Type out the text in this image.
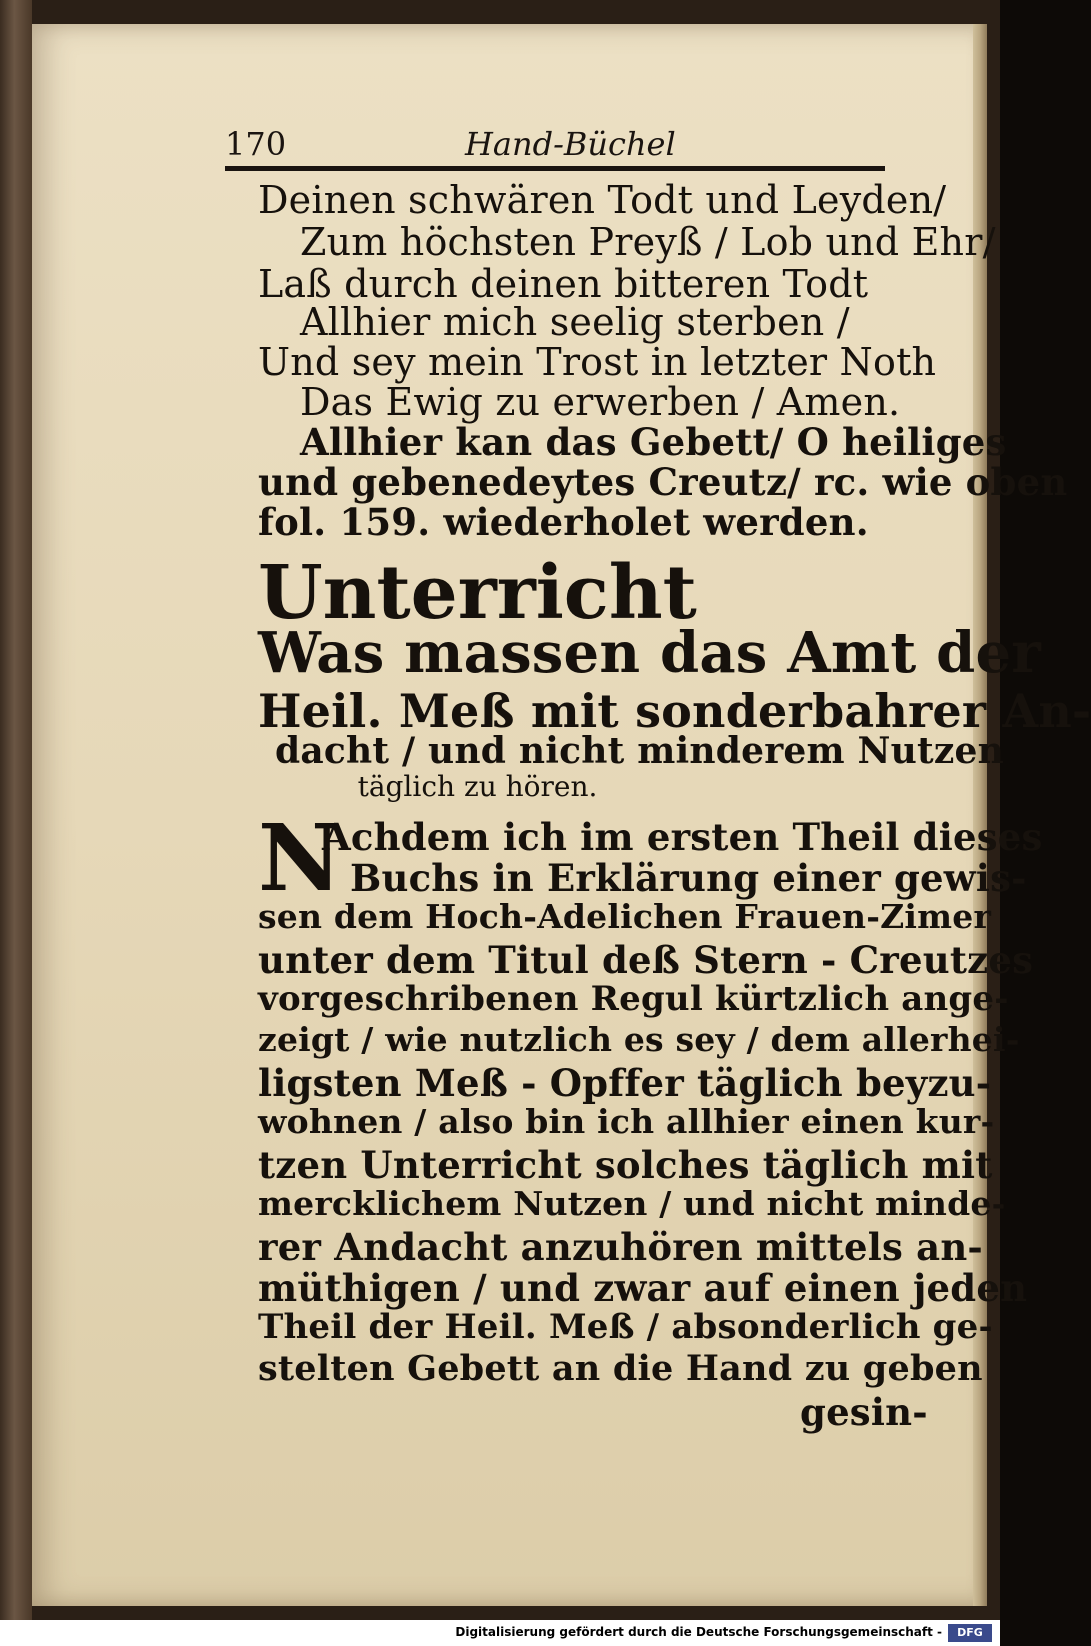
170	Hand-Büchel
Deinen schwären Todt und Leyden/
Zum höchsten Preyß / Lob und Ehr/
Laß durch deinen bitteren Todt
Allhier mich seelig sterben /
Und sey mein Trost in letzter Noth
Das Ewig zu erwerben / Amen.
Allhier kan das Gebett/ O heiliges
und gebenedeytes Creutz/ rc. wie oben
fol. 159. wiederholet werden.
Unterricht
Was massen das Amt der
Heil. Meß mit sonderbahrer An-
dacht / und nicht minderem Nutzen
täglich zu hören.
N
Achdem ich im ersten Theil dieses
Buchs in Erklärung einer gewis-
sen dem Hoch-Adelichen Frauen-Zimer
unter dem Titul deß Stern - Creutzes
vorgeschribenen Regul kürtzlich ange-
zeigt / wie nutzlich es sey / dem allerhei-
ligsten Meß - Opffer täglich beyzu-
wohnen / also bin ich allhier einen kur-
tzen Unterricht solches täglich mit
mercklichem Nutzen / und nicht minde-
rer Andacht anzuhören mittels an-
müthigen / und zwar auf einen jeden
Theil der Heil. Meß / absonderlich ge-
stelten Gebett an die Hand zu geben
gesin-
Digitalisierung gefördert durch die Deutsche Forschungsgemeinschaft -	DFG
